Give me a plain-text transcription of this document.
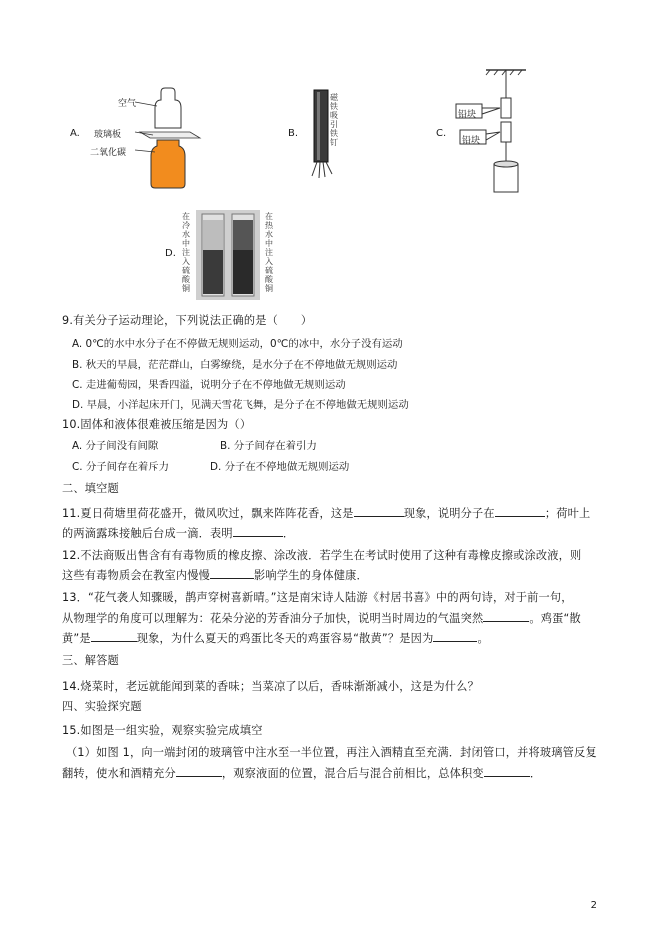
A.
空气
玻璃板
二氧化碳
B.
磁铁吸引铁钉
C.
铅块
铅块
D.
在冷水中注入硫酸铜
在热水中注入硫酸铜
9.有关分子运动理论，下列说法正确的是（　　）
A. 0℃的水中水分子在不停做无规则运动，0℃的冰中，水分子没有运动
B. 秋天的早晨，茫茫群山，白雾缭绕，是水分子在不停地做无规则运动
C. 走进葡萄园，果香四溢，说明分子在不停地做无规则运动
D. 早晨，小洋起床开门，见满天雪花飞舞，是分子在不停地做无规则运动
10.固体和液体很难被压缩是因为（）
A. 分子间没有间隙	B. 分子间存在着引力
C. 分子间存在着斥力	D. 分子在不停地做无规则运动
二、填空题
11.夏日荷塘里荷花盛开，微风吹过，飘来阵阵花香，这是	现象，说明分子在	；荷叶上
的两滴露珠接触后台成一滴．表明	．
12.不法商贩出售含有有毒物质的橡皮擦、涂改液．若学生在考试时使用了这种有毒橡皮擦或涂改液，则
这些有毒物质会在教室内慢慢	影响学生的身体健康．
13．“花气袭人知骤暖，鹊声穿树喜新晴。”这是南宋诗人陆游《村居书喜》中的两句诗，对于前一句，
从物理学的角度可以理解为：花朵分泌的芳香油分子加快，说明当时周边的气温突然	。鸡蛋“散
黄”是	现象，为什么夏天的鸡蛋比冬天的鸡蛋容易“散黄”？是因为	。
三、解答题
14.烧菜时，老远就能闻到菜的香味；当菜凉了以后，香味渐渐减小，这是为什么？
四、实验探究题
15.如图是一组实验，观察实验完成填空
（1）如图 1，向一端封闭的玻璃管中注水至一半位置，再注入酒精直至充满．封闭管口，并将玻璃管反复
翻转，使水和酒精充分	，观察液面的位置，混合后与混合前相比，总体积变	．
2
